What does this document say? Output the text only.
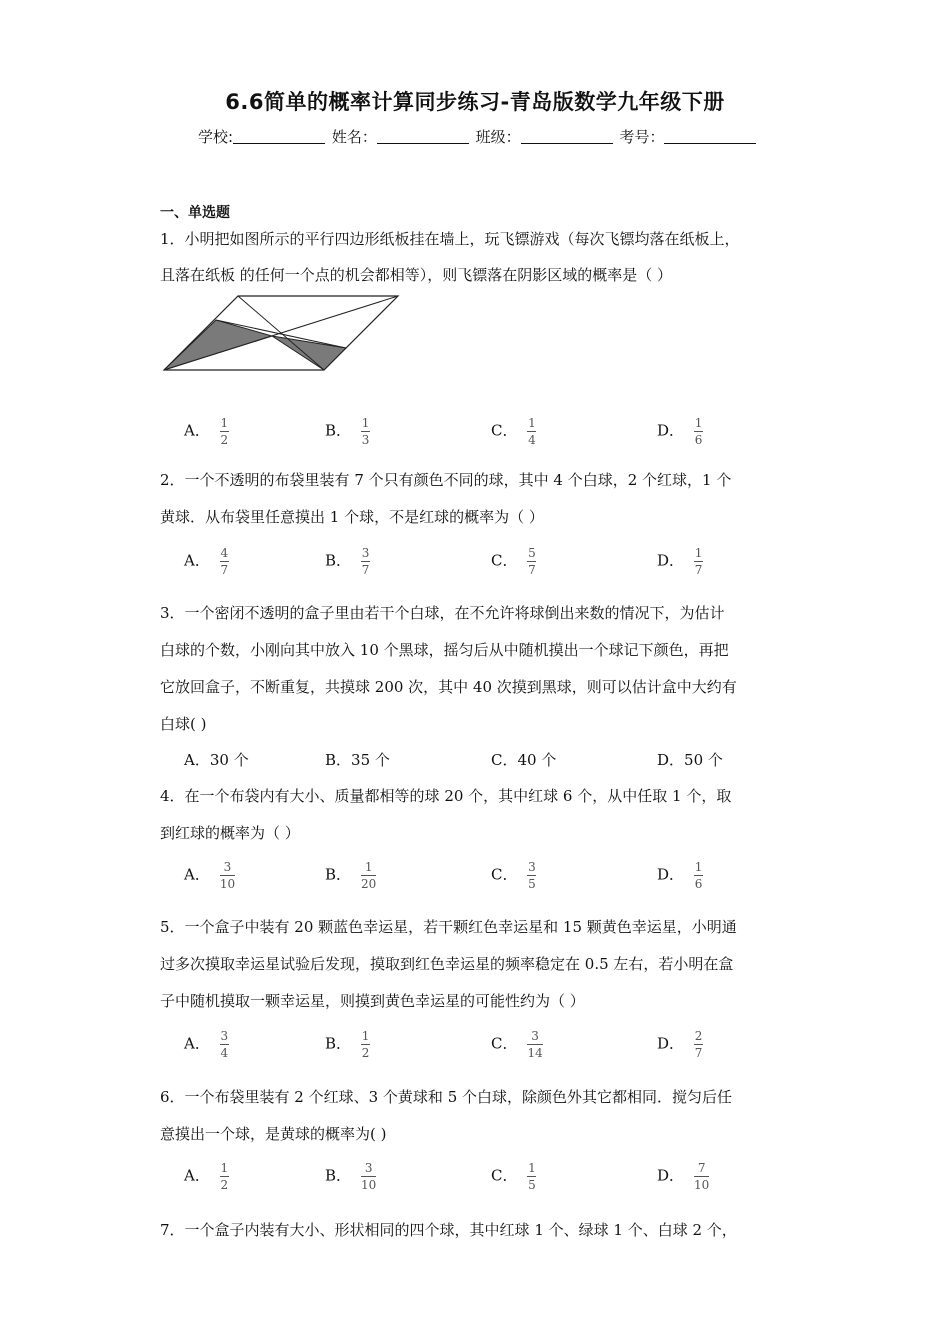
6.6简单的概率计算同步练习-青岛版数学九年级下册
学校:	姓名：	班级：	考号：
一、单选题
1．小明把如图所示的平行四边形纸板挂在墙上，玩飞镖游戏（每次飞镖均落在纸板上，
且落在纸板 的任何一个点的机会都相等），则飞镖落在阴影区域的概率是（ ）
A． $\frac{1}{2}$	B． $\frac{1}{3}$	C． $\frac{1}{4}$	D． $\frac{1}{6}$
2．一个不透明的布袋里装有 7 个只有颜色不同的球，其中 4 个白球，2 个红球，1 个
黄球．从布袋里任意摸出 1 个球，不是红球的概率为（ ）
A． $\frac{4}{7}$	B． $\frac{3}{7}$	C． $\frac{5}{7}$	D． $\frac{1}{7}$
3．一个密闭不透明的盒子里由若干个白球，在不允许将球倒出来数的情况下，为估计
白球的个数，小刚向其中放入 10 个黑球，摇匀后从中随机摸出一个球记下颜色，再把
它放回盒子，不断重复，共摸球 200 次，其中 40 次摸到黑球，则可以估计盒中大约有
白球( )
A．30 个	B．35 个	C．40 个	D．50 个
4．在一个布袋内有大小、质量都相等的球 20 个，其中红球 6 个，从中任取 1 个，取
到红球的概率为（ ）
A． $\frac{3}{10}$	B． $\frac{1}{20}$	C． $\frac{3}{5}$	D． $\frac{1}{6}$
5．一个盒子中装有 20 颗蓝色幸运星，若干颗红色幸运星和 15 颗黄色幸运星，小明通
过多次摸取幸运星试验后发现，摸取到红色幸运星的频率稳定在 0.5 左右，若小明在盒
子中随机摸取一颗幸运星，则摸到黄色幸运星的可能性约为（ ）
A． $\frac{3}{4}$	B． $\frac{1}{2}$	C． $\frac{3}{14}$	D． $\frac{2}{7}$
6．一个布袋里装有 2 个红球、3 个黄球和 5 个白球，除颜色外其它都相同．搅匀后任
意摸出一个球，是黄球的概率为( )
A． $\frac{1}{2}$	B． $\frac{3}{10}$	C． $\frac{1}{5}$	D． $\frac{7}{10}$
7．一个盒子内装有大小、形状相同的四个球，其中红球 1 个、绿球 1 个、白球 2 个，
